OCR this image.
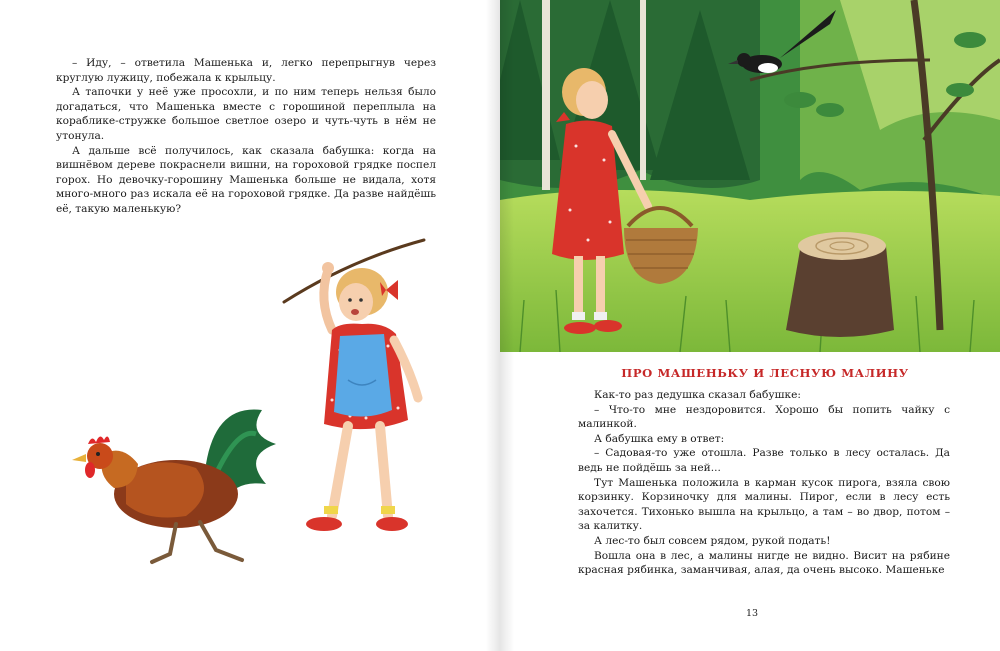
– Иду, – ответила Машенька и, легко перепрыгнув через круглую лужицу, побежала к крыльцу.

А тапочки у неё уже просохли, и по ним теперь нельзя было догадаться, что Машенька вместе с горошиной переплыла на кораблике-стружке большое светлое озеро и чуть-чуть в нём не утонула.

А дальше всё получилось, как сказала бабушка: когда на вишнёвом дереве покраснели вишни, на гороховой грядке поспел горох. Но девочку-горошину Машенька больше не видала, хотя много-много раз искала её на гороховой грядке. Да разве найдёшь её, такую маленькую?

ПРО МАШЕНЬКУ И ЛЕСНУЮ МАЛИНУ

Как-то раз дедушка сказал бабушке:

– Что-то мне нездоровится. Хорошо бы попить чайку с малинкой.

А бабушка ему в ответ:

– Садовая-то уже отошла. Разве только в лесу осталась. Да ведь не пойдёшь за ней...

Тут Машенька положила в карман кусок пирога, взяла свою корзинку. Корзиночку для малины. Пирог, если в лесу есть захочется. Тихонько вышла на крыльцо, а там – во двор, потом – за калитку.

А лес-то был совсем рядом, рукой подать!

Вошла она в лес, а малины нигде не видно. Висит на рябине красная рябинка, заманчивая, алая, да очень высоко. Машеньке

13
